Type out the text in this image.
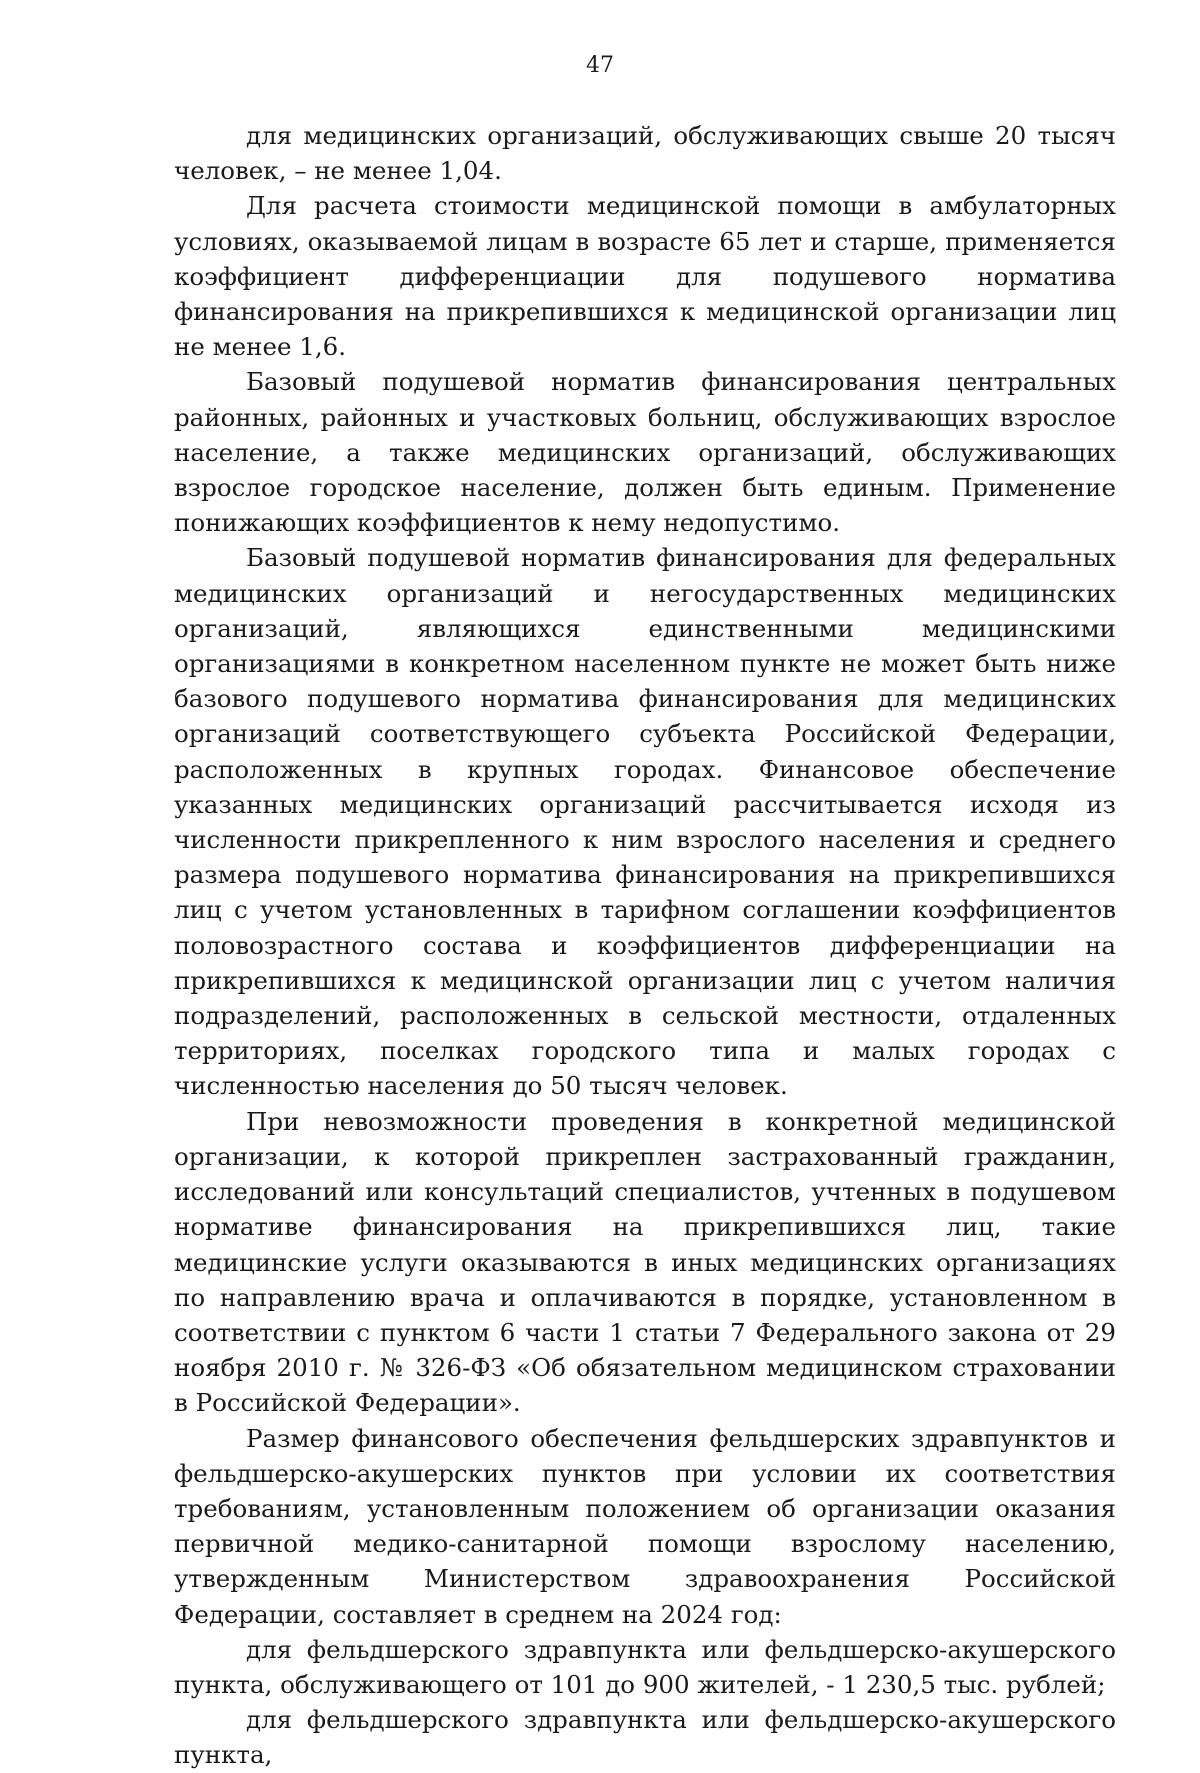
47

для медицинских организаций, обслуживающих свыше 20 тысяч человек, – не менее 1,04.

Для расчета стоимости медицинской помощи в амбулаторных условиях, оказываемой лицам в возрасте 65 лет и старше, применяется коэффициент дифференциации для подушевого норматива финансирования на прикрепившихся к медицинской организации лиц не менее 1,6.

Базовый подушевой норматив финансирования центральных районных, районных и участковых больниц, обслуживающих взрослое население, а также медицинских организаций, обслуживающих взрослое городское население, должен быть единым. Применение понижающих коэффициентов к нему недопустимо.

Базовый подушевой норматив финансирования для федеральных медицинских организаций и негосударственных медицинских организаций, являющихся единственными медицинскими организациями в конкретном населенном пункте не может быть ниже базового подушевого норматива финансирования для медицинских организаций соответствующего субъекта Российской Федерации, расположенных в крупных городах. Финансовое обеспечение указанных медицинских организаций рассчитывается исходя из численности прикрепленного к ним взрослого населения и среднего размера подушевого норматива финансирования на прикрепившихся лиц с учетом установленных в тарифном соглашении коэффициентов половозрастного состава и коэффициентов дифференциации на прикрепившихся к медицинской организации лиц с учетом наличия подразделений, расположенных в сельской местности, отдаленных территориях, поселках городского типа и малых городах с численностью населения до 50 тысяч человек.

При невозможности проведения в конкретной медицинской организации, к которой прикреплен застрахованный гражданин, исследований или консультаций специалистов, учтенных в подушевом нормативе финансирования на прикрепившихся лиц, такие медицинские услуги оказываются в иных медицинских организациях по направлению врача и оплачиваются в порядке, установленном в соответствии с пунктом 6 части 1 статьи 7 Федерального закона от 29 ноября 2010 г. № 326-ФЗ «Об обязательном медицинском страховании в Российской Федерации».

Размер финансового обеспечения фельдшерских здравпунктов и фельдшерско-акушерских пунктов при условии их соответствия требованиям, установленным положением об организации оказания первичной медико-санитарной помощи взрослому населению, утвержденным Министерством здравоохранения Российской Федерации, составляет в среднем на 2024 год:

для фельдшерского здравпункта или фельдшерско-акушерского пункта, обслуживающего от 101 до 900 жителей, - 1 230,5 тыс. рублей;

для фельдшерского здравпункта или фельдшерско-акушерского пункта,
